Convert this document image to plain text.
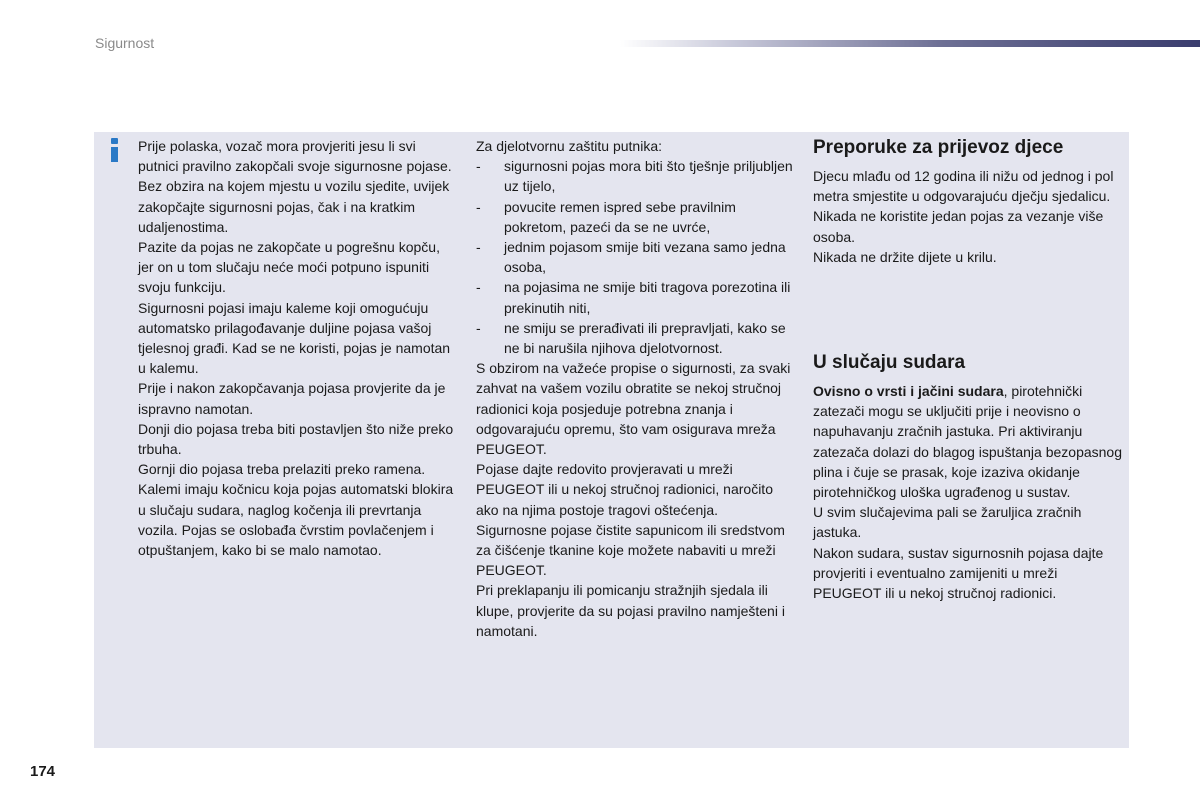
Sigurnost

Prije polaska, vozač mora provjeriti jesu li svi putnici pravilno zakopčali svoje sigurnosne pojase.

Bez obzira na kojem mjestu u vozilu sjedite, uvijek zakopčajte sigurnosni pojas, čak i na kratkim udaljenostima.

Pazite da pojas ne zakopčate u pogrešnu kopču, jer on u tom slučaju neće moći potpuno ispuniti svoju funkciju.

Sigurnosni pojasi imaju kaleme koji omogućuju automatsko prilagođavanje duljine pojasa vašoj tjelesnoj građi. Kad se ne koristi, pojas je namotan u kalemu.

Prije i nakon zakopčavanja pojasa provjerite da je ispravno namotan.

Donji dio pojasa treba biti postavljen što niže preko trbuha.

Gornji dio pojasa treba prelaziti preko ramena.

Kalemi imaju kočnicu koja pojas automatski blokira u slučaju sudara, naglog kočenja ili prevrtanja vozila. Pojas se oslobađa čvrstim povlačenjem i otpuštanjem, kako bi se malo namotao.

Za djelotvornu zaštitu putnika:

-	sigurnosni pojas mora biti što tješnje priljubljen uz tijelo,
-	povucite remen ispred sebe pravilnim pokretom, pazeći da se ne uvrće,
-	jednim pojasom smije biti vezana samo jedna osoba,
-	na pojasima ne smije biti tragova porezotina ili prekinutih niti,
-	ne smiju se prerađivati ili prepravljati, kako se ne bi narušila njihova djelotvornost.

S obzirom na važeće propise o sigurnosti, za svaki zahvat na vašem vozilu obratite se nekoj stručnoj radionici koja posjeduje potrebna znanja i odgovarajuću opremu, što vam osigurava mreža PEUGEOT.

Pojase dajte redovito provjeravati u mreži PEUGEOT ili u nekoj stručnoj radionici, naročito ako na njima postoje tragovi oštećenja.

Sigurnosne pojase čistite sapunicom ili sredstvom za čišćenje tkanine koje možete nabaviti u mreži PEUGEOT.

Pri preklapanju ili pomicanju stražnjih sjedala ili klupe, provjerite da su pojasi pravilno namješteni i namotani.

Preporuke za prijevoz djece

Djecu mlađu od 12 godina ili nižu od jednog i pol metra smjestite u odgovarajuću dječju sjedalicu.

Nikada ne koristite jedan pojas za vezanje više osoba.

Nikada ne držite dijete u krilu.

U slučaju sudara

Ovisno o vrsti i jačini sudara, pirotehnički zatezači mogu se uključiti prije i neovisno o napuhavanju zračnih jastuka. Pri aktiviranju zatezača dolazi do blagog ispuštanja bezopasnog plina i čuje se prasak, koje izaziva okidanje pirotehničkog uloška ugrađenog u sustav.

U svim slučajevima pali se žaruljica zračnih jastuka.

Nakon sudara, sustav sigurnosnih pojasa dajte provjeriti i eventualno zamijeniti u mreži PEUGEOT ili u nekoj stručnoj radionici.

174
